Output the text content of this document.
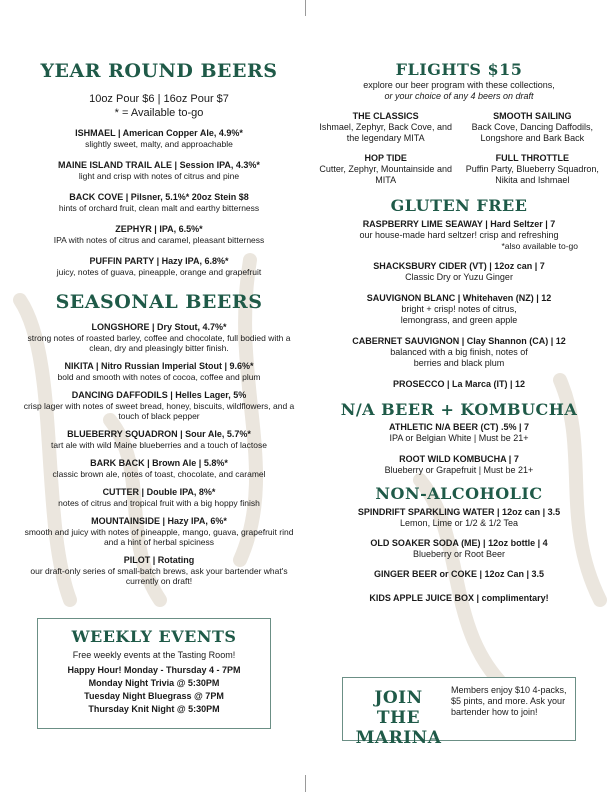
YEAR ROUND BEERS
10oz Pour $6 | 16oz Pour $7
* = Available to-go
ISHMAEL | American Copper Ale, 4.9%*
slightly sweet, malty, and approachable
MAINE ISLAND TRAIL ALE | Session IPA, 4.3%*
light and crisp with notes of citrus and pine
BACK COVE | Pilsner, 5.1%* 20oz Stein $8
hints of orchard fruit, clean malt and earthy bitterness
ZEPHYR | IPA, 6.5%*
IPA with notes of citrus and caramel, pleasant bitterness
PUFFIN PARTY | Hazy IPA, 6.8%*
juicy, notes of guava, pineapple, orange and grapefruit
SEASONAL BEERS
LONGSHORE | Dry Stout, 4.7%*
strong notes of roasted barley, coffee and chocolate, full bodied with a clean, dry and pleasingly bitter finish.
NIKITA | Nitro Russian Imperial Stout | 9.6%*
bold and smooth with notes of cocoa, coffee and plum
DANCING DAFFODILS | Helles Lager, 5%
crisp lager with notes of sweet bread, honey, biscuits, wildflowers, and a touch of black pepper
BLUEBERRY SQUADRON | Sour Ale, 5.7%*
tart ale with wild Maine blueberries and a touch of lactose
BARK BACK | Brown Ale | 5.8%*
classic brown ale, notes of toast, chocolate, and caramel
CUTTER | Double IPA, 8%*
notes of citrus and tropical fruit with a big hoppy finish
MOUNTAINSIDE | Hazy IPA, 6%*
smooth and juicy with notes of pineapple, mango, guava, grapefruit rind and a hint of herbal spiciness
PILOT | Rotating
our draft-only series of small-batch brews, ask your bartender what's currently on draft!
WEEKLY EVENTS
Free weekly events at the Tasting Room!
Happy Hour! Monday - Thursday 4 - 7PM
Monday Night Trivia @ 5:30PM
Tuesday Night Bluegrass @ 7PM
Thursday Knit Night @ 5:30PM
FLIGHTS $15
explore our beer program with these collections,
or your choice of any 4 beers on draft
THE CLASSICS
Ishmael, Zephyr, Back Cove, and the legendary MITA
SMOOTH SAILING
Back Cove, Dancing Daffodils, Longshore and Bark Back
HOP TIDE
Cutter, Zephyr, Mountainside and MITA
FULL THROTTLE
Puffin Party, Blueberry Squadron, Nikita and Ishmael
GLUTEN FREE
RASPBERRY LIME SEAWAY | Hard Seltzer | 7
our house-made hard seltzer! crisp and refreshing
*also available to-go
SHACKSBURY CIDER (VT) | 12oz can | 7
Classic Dry or Yuzu Ginger
SAUVIGNON BLANC | Whitehaven (NZ) | 12
bright + crisp! notes of citrus, lemongrass, and green apple
CABERNET SAUVIGNON | Clay Shannon (CA) | 12
balanced with a big finish, notes of berries and black plum
PROSECCO | La Marca (IT) | 12
N/A BEER + KOMBUCHA
ATHLETIC N/A BEER (CT) .5% | 7
IPA or Belgian White | Must be 21+
ROOT WILD KOMBUCHA | 7
Blueberry or Grapefruit | Must be 21+
NON-ALCOHOLIC
SPINDRIFT SPARKLING WATER | 12oz can | 3.5
Lemon, Lime or 1/2 & 1/2 Tea
OLD SOAKER SODA (ME) | 12oz bottle | 4
Blueberry or Root Beer
GINGER BEER or COKE | 12oz Can | 3.5
KIDS APPLE JUICE BOX | complimentary!
JOIN THE
MARINA
Members enjoy $10 4-packs, $5 pints, and more. Ask your bartender how to join!
